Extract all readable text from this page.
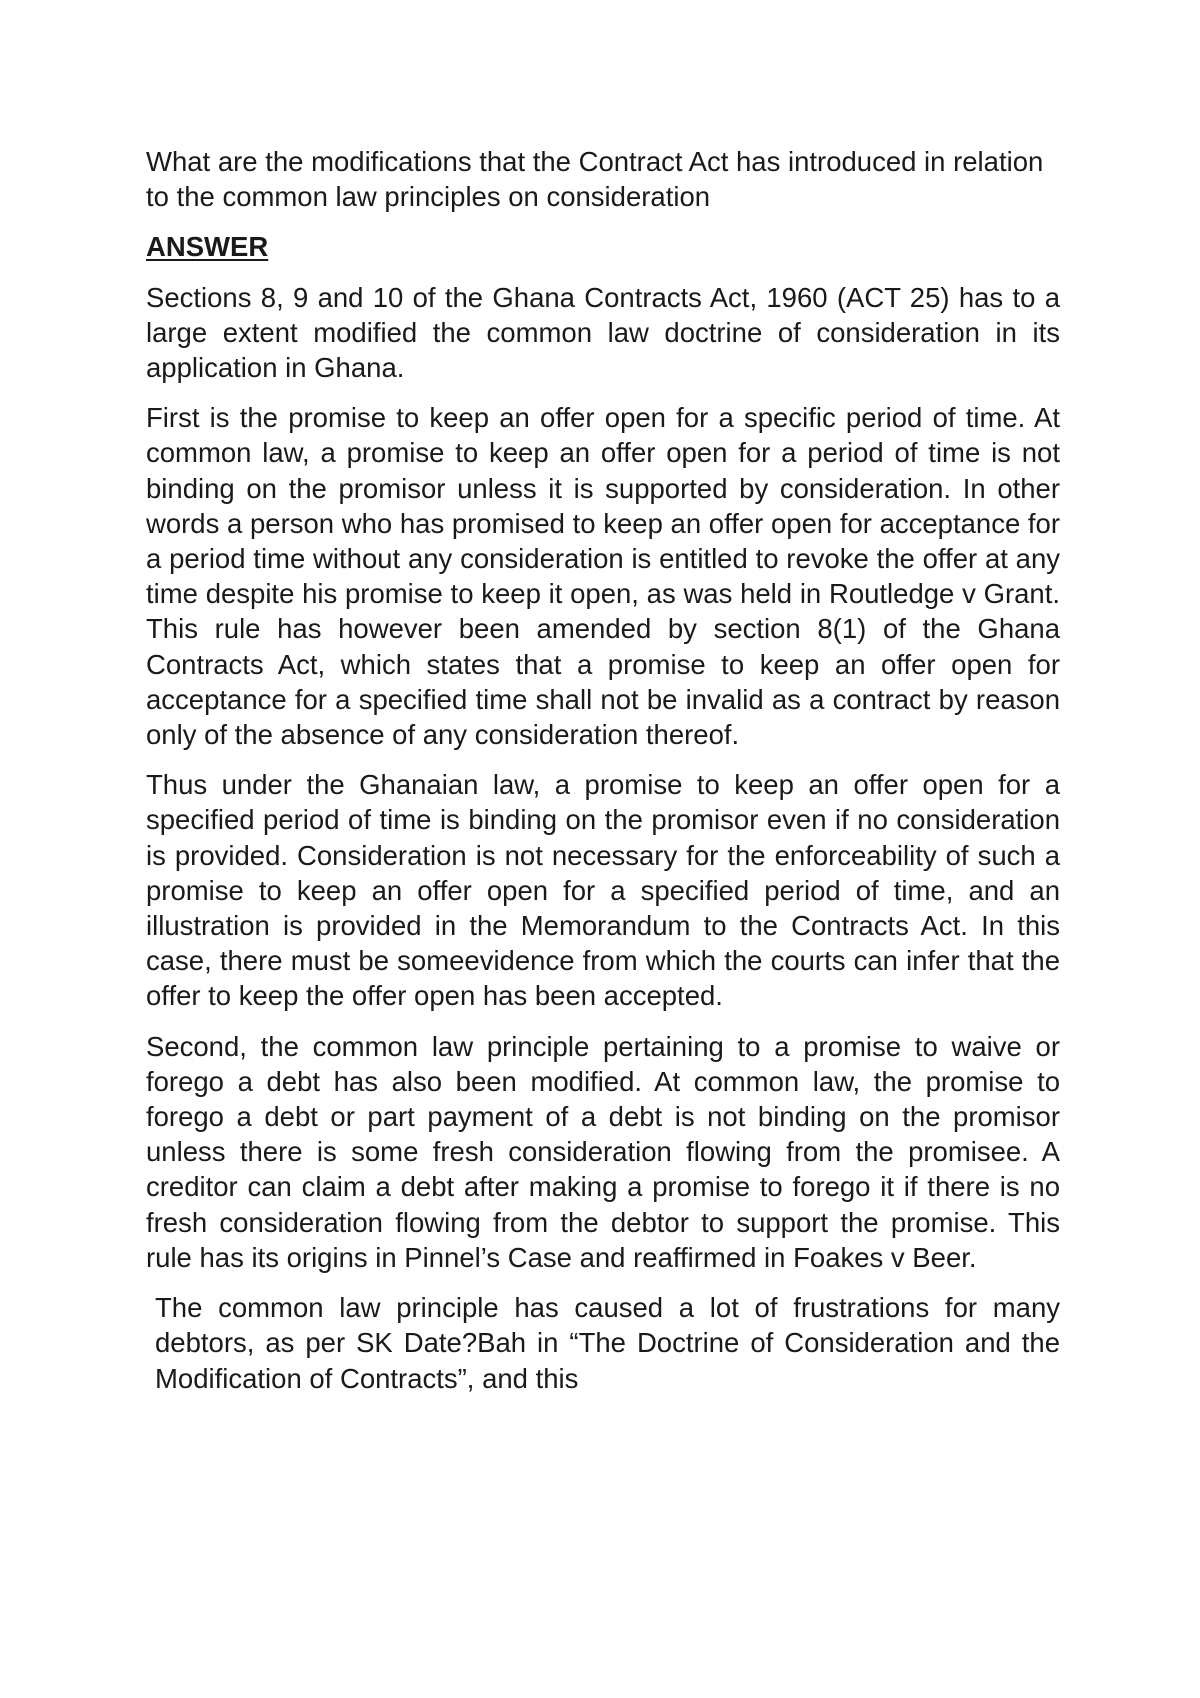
What are the modifications that the Contract Act has introduced in relation to the common law principles on consideration

ANSWER

Sections 8, 9 and 10 of the Ghana Contracts Act, 1960 (ACT 25) has to a large extent modified the common law doctrine of consideration in its application in Ghana.

First is the promise to keep an offer open for a specific period of time. At common law, a promise to keep an offer open for a period of time is not binding on the promisor unless it is supported by consideration. In other words a person who has promised to keep an offer open for acceptance for a period time without any consideration is entitled to revoke the offer at any time despite his promise to keep it open, as was held in Routledge v Grant. This rule has however been amended by section 8(1) of the Ghana Contracts Act, which states that a promise to keep an offer open for acceptance for a specified time shall not be invalid as a contract by reason only of the absence of any consideration thereof.

Thus under the Ghanaian law, a promise to keep an offer open for a specified period of time is binding on the promisor even if no consideration is provided. Consideration is not necessary for the enforceability of such a promise to keep an offer open for a specified period of time, and an illustration is provided in the Memorandum to the Contracts Act. In this case, there must be someevidence from which the courts can infer that the offer to keep the offer open has been accepted.

Second, the common law principle pertaining to a promise to waive or forego a debt has also been modified. At common law, the promise to forego a debt or part payment of a debt is not binding on the promisor unless there is some fresh consideration flowing from the promisee. A creditor can claim a debt after making a promise to forego it if there is no fresh consideration flowing from the debtor to support the promise. This rule has its origins in Pinnel’s Case and reaffirmed in Foakes v Beer.

The common law principle has caused a lot of frustrations for many debtors, as per SK Date?Bah in “The Doctrine of Consideration and the Modification of Contracts”, and this
